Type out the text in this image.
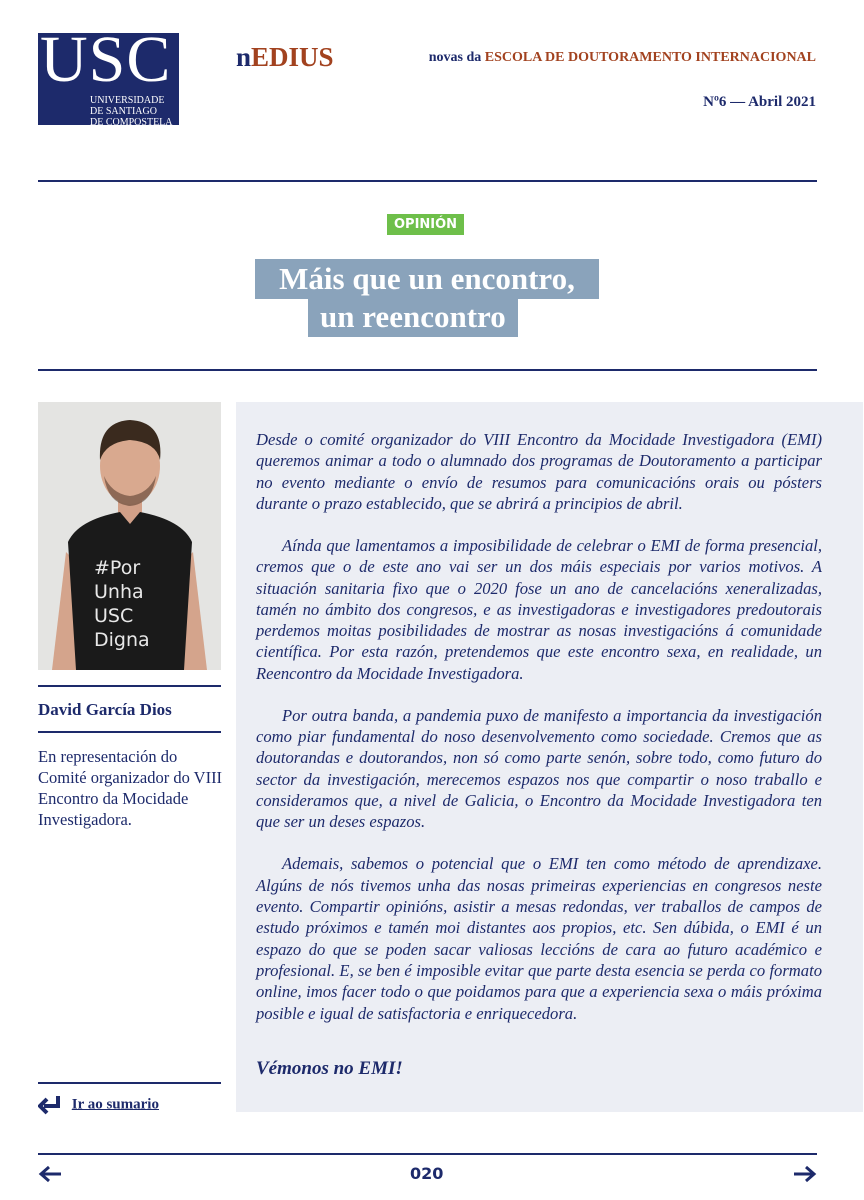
USC
UNIVERSIDADE
DE SANTIAGO
DE COMPOSTELA
nEDIUS	novas da ESCOLA DE DOUTORAMENTO INTERNACIONAL
Nº6 — Abril 2021
OPINIÓN
Máis que un encontro,
un reencontro
#Por
Unha
USC
Digna
David García Dios
En representación do Comité organizador do VIII Encontro da Mocidade Investigadora.
Ir ao sumario

Desde o comité organizador do VIII Encontro da Mocidade Investigadora (EMI) queremos animar a todo o alumnado dos programas de Doutoramento a participar no evento mediante o envío de resumos para comunicacións orais ou pósters durante o prazo establecido, que se abrirá a principios de abril.

Aínda que lamentamos a imposibilidade de celebrar o EMI de forma presencial, cremos que o de este ano vai ser un dos máis especiais por varios motivos. A situación sanitaria fixo que o 2020 fose un ano de cancelacións xeneralizadas, tamén no ámbito dos congresos, e as investigadoras e investigadores predoutorais perdemos moitas posibilidades de mostrar as nosas investigacións á comunidade científica. Por esta razón, pretendemos que este encontro sexa, en realidade, un Reencontro da Mocidade Investigadora.

Por outra banda, a pandemia puxo de manifesto a importancia da investigación como piar fundamental do noso desenvolvemento como sociedade. Cremos que as doutorandas e doutorandos, non só como parte senón, sobre todo, como futuro do sector da investigación, merecemos espazos nos que compartir o noso traballo e consideramos que, a nivel de Galicia, o Encontro da Mocidade Investigadora ten que ser un deses espazos.

Ademais, sabemos o potencial que o EMI ten como método de aprendizaxe. Algúns de nós tivemos unha das nosas primeiras experiencias en congresos neste evento. Compartir opinións, asistir a mesas redondas, ver traballos de campos de estudo próximos e tamén moi distantes aos propios, etc. Sen dúbida, o EMI é un espazo do que se poden sacar valiosas leccións de cara ao futuro académico e profesional. E, se ben é imposible evitar que parte desta esencia se perda co formato online, imos facer todo o que poidamos para que a experiencia sexa o máis próxima posible e igual de satisfactoria e enriquecedora.

Vémonos no EMI!
020
